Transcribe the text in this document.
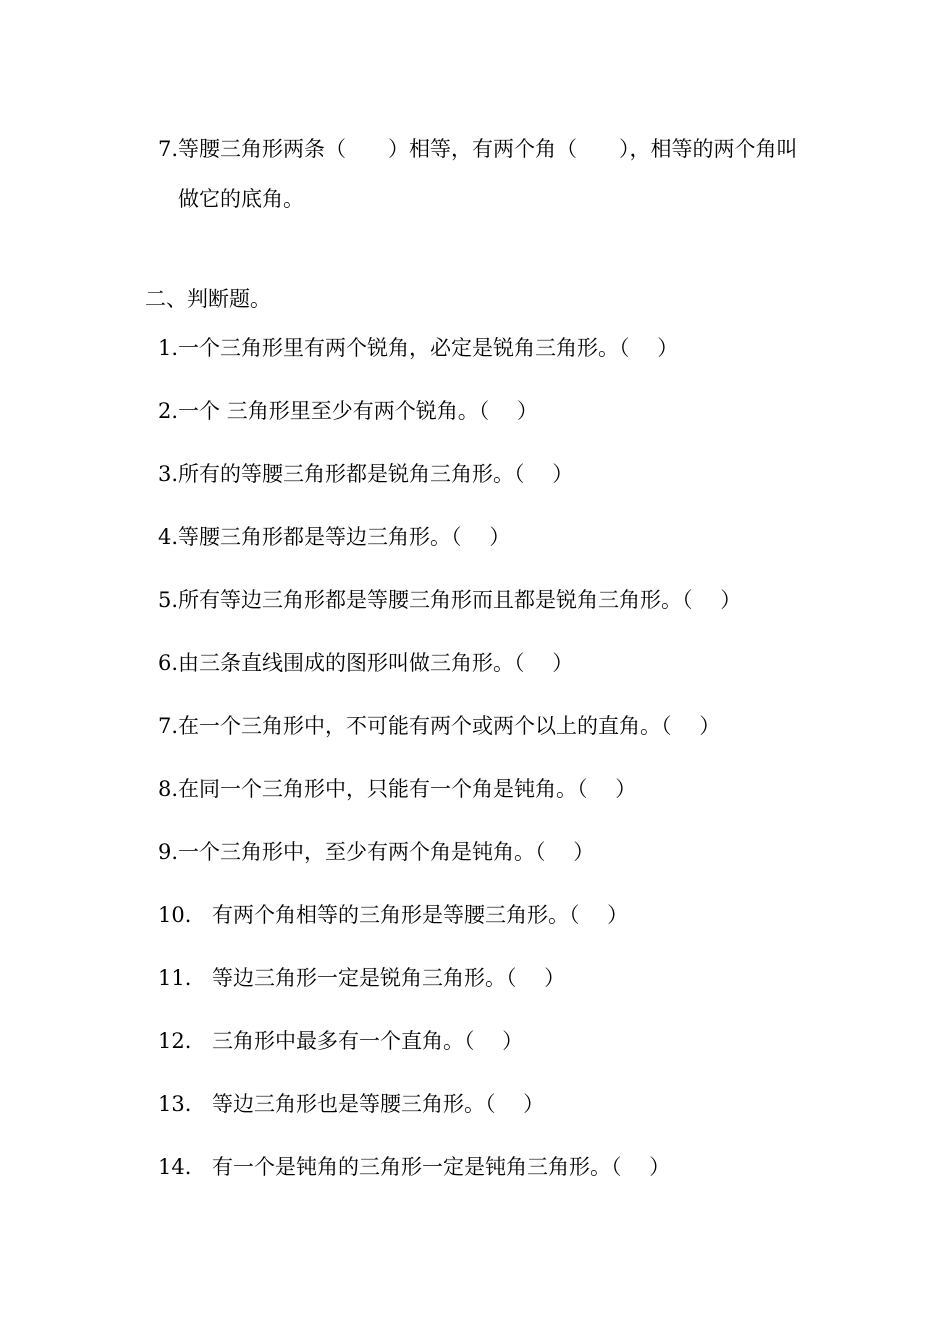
7.等腰三角形两条（　　）相等，有两个角（　　），相等的两个角叫
做它的底角。
二、判断题。
1.一个三角形里有两个锐角，必定是锐角三角形。（　 ）
2.一个 三角形里至少有两个锐角。（　 ）
3.所有的等腰三角形都是锐角三角形。（　 ）
4.等腰三角形都是等边三角形。（　 ）
5.所有等边三角形都是等腰三角形而且都是锐角三角形。（　 ）
6.由三条直线围成的图形叫做三角形。（　 ）
7.在一个三角形中，不可能有两个或两个以上的直角。（　 ）
8.在同一个三角形中，只能有一个角是钝角。（　 ）
9.一个三角形中，至少有两个角是钝角。（　 ）
10. 有两个角相等的三角形是等腰三角形。（　 ）
11. 等边三角形一定是锐角三角形。（　 ）
12. 三角形中最多有一个直角。（　 ）
13. 等边三角形也是等腰三角形。（　 ）
14. 有一个是钝角的三角形一定是钝角三角形。（　 ）
